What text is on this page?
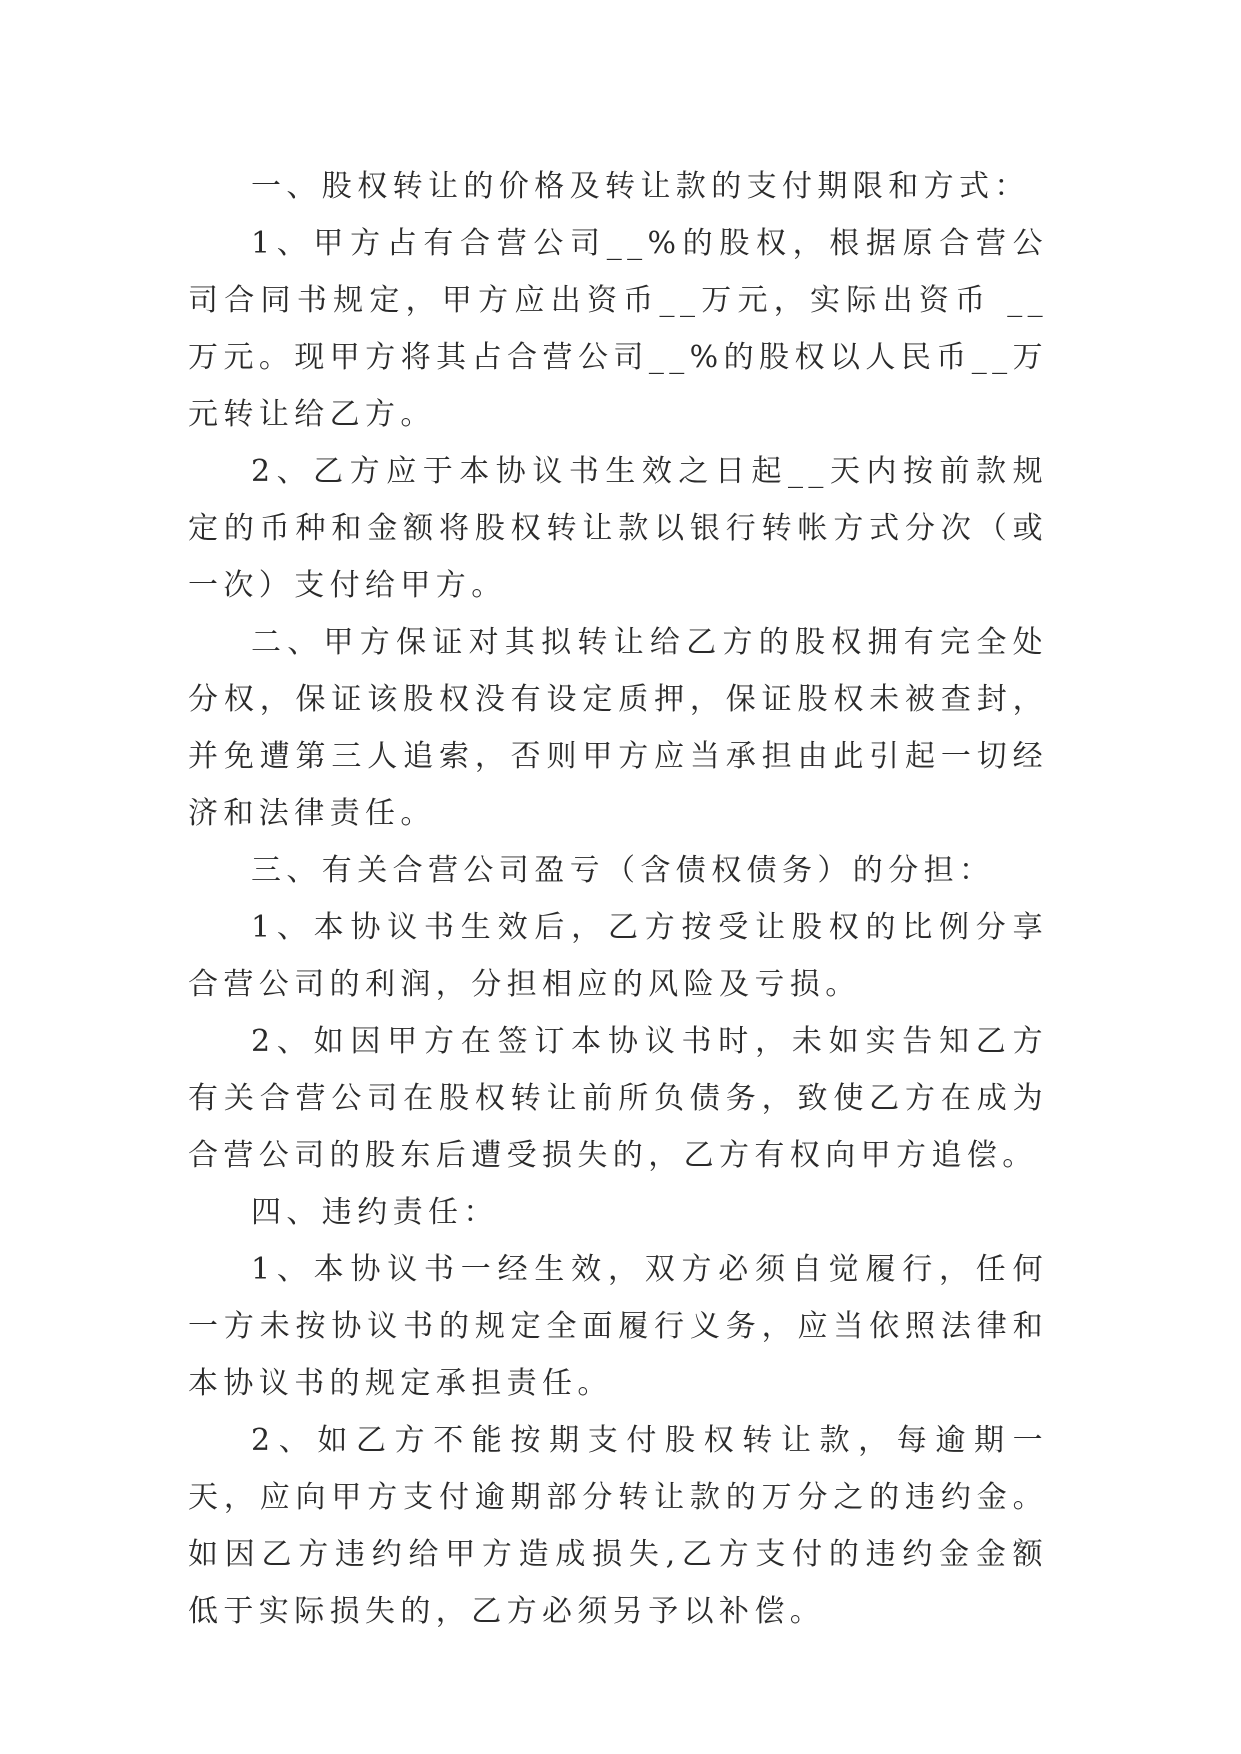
一、股权转让的价格及转让款的支付期限和方式：

1、甲方占有合营公司__%的股权，根据原合营公司合同书规定，甲方应出资币__万元，实际出资币 __万元。现甲方将其占合营公司__%的股权以人民币__万元转让给乙方。

2、乙方应于本协议书生效之日起__天内按前款规定的币种和金额将股权转让款以银行转帐方式分次（或一次）支付给甲方。

二、甲方保证对其拟转让给乙方的股权拥有完全处分权，保证该股权没有设定质押，保证股权未被查封，并免遭第三人追索，否则甲方应当承担由此引起一切经济和法律责任。

三、有关合营公司盈亏（含债权债务）的分担：

1、本协议书生效后，乙方按受让股权的比例分享合营公司的利润，分担相应的风险及亏损。

2、如因甲方在签订本协议书时，未如实告知乙方有关合营公司在股权转让前所负债务，致使乙方在成为合营公司的股东后遭受损失的，乙方有权向甲方追偿。

四、违约责任：

1、本协议书一经生效，双方必须自觉履行，任何一方未按协议书的规定全面履行义务，应当依照法律和本协议书的规定承担责任。

2、如乙方不能按期支付股权转让款，每逾期一天，应向甲方支付逾期部分转让款的万分之的违约金。如因乙方违约给甲方造成损失,乙方支付的违约金金额低于实际损失的，乙方必须另予以补偿。
